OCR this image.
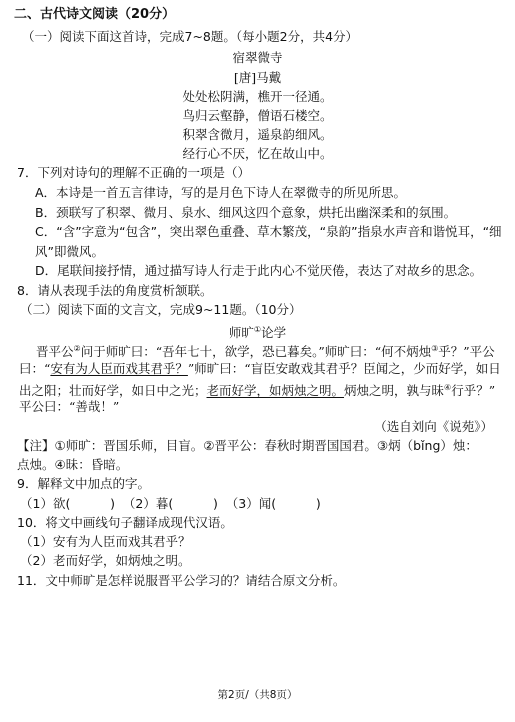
二、古代诗文阅读（20分）
（一）阅读下面这首诗，完成7~8题。（每小题2分，共4分）
宿翠微寺
[唐]马戴
处处松阴满，樵开一径通。
鸟归云壑静，僧语石楼空。
积翠含微月，遥泉韵细风。
经行心不厌，忆在故山中。
7．下列对诗句的理解不正确的一项是（）
A．本诗是一首五言律诗，写的是月色下诗人在翠微寺的所见所思。
B．颈联写了积翠、微月、泉水、细风这四个意象，烘托出幽深柔和的氛围。
C．“含”字意为“包含”，突出翠色重叠、草木繁茂，“泉韵”指泉水声音和谐悦耳，“细
风”即微风。
D．尾联间接抒情，通过描写诗人行走于此内心不觉厌倦，表达了对故乡的思念。
8．请从表现手法的角度赏析颔联。
（二）阅读下面的文言文，完成9~11题。（10分）
师旷①论学
晋平公②问于师旷曰：“吾年七十，欲学，恐已暮矣。”师旷曰：“何不炳烛③乎？”平公
曰：“安有为人臣而戏其君乎？”师旷曰：“盲臣安敢戏其君乎？臣闻之，少而好学，如日
出之阳；壮而好学，如日中之光；老而好学，如炳烛之明。炳烛之明，孰与昧④行乎？”
平公曰：“善哉！”
（选自刘向《说苑》）
【注】①师旷：晋国乐师，目盲。②晋平公：春秋时期晋国国君。③炳（bǐng）烛：
点烛。④昧：昏暗。
9．解释文中加点的字。
（1）欲(          )  （2）暮(          )  （3）闻(          )
10．将文中画线句子翻译成现代汉语。
（1）安有为人臣而戏其君乎？
（2）老而好学，如炳烛之明。
11．文中师旷是怎样说服晋平公学习的？请结合原文分析。
第2页/（共8页）
